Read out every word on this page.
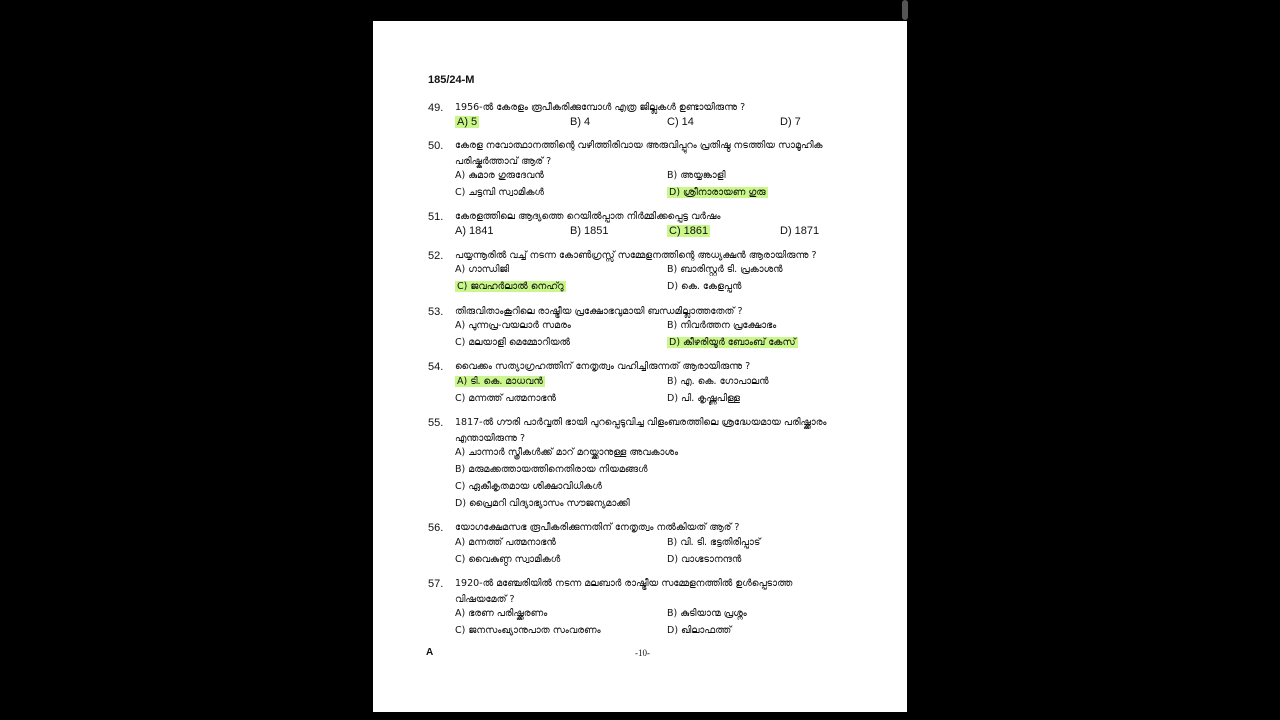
185/24-M
49. 1956-ൽ കേരളം രൂപീകരിക്കുമ്പോൾ എത്ര ജില്ലകൾ ഉണ്ടായിരുന്നു ?
A) 5	B) 4	C) 14	D) 7
50. കേരള നവോത്ഥാനത്തിന്റെ വഴിത്തിരിവായ അരുവിപ്പുറം പ്രതിഷ്ഠ നടത്തിയ സാമൂഹിക പരിഷ്കർത്താവ് ആര് ?
A) കുമാര ഗുരുദേവൻ	B) അയ്യങ്കാളി
C) ചട്ടമ്പി സ്വാമികൾ	D) ശ്രീനാരായണ ഗുരു
51. കേരളത്തിലെ ആദ്യത്തെ റെയിൽപ്പാത നിർമ്മിക്കപ്പെട്ട വർഷം
A) 1841	B) 1851	C) 1861	D) 1871
52. പയ്യന്നൂരിൽ വച്ച് നടന്ന കോൺഗ്രസ്സ് സമ്മേളനത്തിന്റെ അധ്യക്ഷൻ ആരായിരുന്നു ?
A) ഗാന്ധിജി	B) ബാരിസ്റ്റർ ടി. പ്രകാശൻ
C) ജവഹർലാൽ നെഹ്റു	D) കെ. കേളപ്പൻ
53. തിരുവിതാംകൂറിലെ രാഷ്ട്രീയ പ്രക്ഷോഭവുമായി ബന്ധമില്ലാത്തതേത് ?
A) പുന്നപ്ര-വയലാർ സമരം	B) നിവർത്തന പ്രക്ഷോഭം
C) മലയാളി മെമ്മോറിയൽ	D) കീഴരിയൂർ ബോംബ് കേസ്
54. വൈക്കം സത്യാഗ്രഹത്തിന് നേതൃത്വം വഹിച്ചിരുന്നത് ആരായിരുന്നു ?
A) ടി. കെ. മാധവൻ	B) എ. കെ. ഗോപാലൻ
C) മന്നത്ത് പത്മനാഭൻ	D) പി. കൃഷ്ണപിള്ള
55. 1817-ൽ ഗൗരി പാർവ്വതി ഭായി പുറപ്പെടുവിച്ച വിളംബരത്തിലെ ശ്രദ്ധേയമായ പരിഷ്ക്കാരം എന്തായിരുന്നു ?
A) ചാന്നാർ സ്ത്രീകൾക്ക് മാറ് മറയ്ക്കാനുള്ള അവകാശം
B) മരുമക്കത്തായത്തിനെതിരായ നിയമങ്ങൾ
C) ഏകീകൃതമായ ശിക്ഷാവിധികൾ
D) പ്രൈമറി വിദ്യാഭ്യാസം സൗജന്യമാക്കി
56. യോഗക്ഷേമസഭ രൂപീകരിക്കുന്നതിന് നേതൃത്വം നൽകിയത് ആര് ?
A) മന്നത്ത് പത്മനാഭൻ	B) വി. ടി. ഭട്ടതിരിപ്പാട്
C) വൈകുണ്ഠ സ്വാമികൾ	D) വാഗ്ഭടാനന്ദൻ
57. 1920-ൽ മഞ്ചേരിയിൽ നടന്ന മലബാർ രാഷ്ട്രീയ സമ്മേളനത്തിൽ ഉൾപ്പെടാത്ത വിഷയമേത് ?
A) ഭരണ പരിഷ്ക്കരണം	B) കുടിയാന്മ പ്രശ്നം
C) ജനസംഖ്യാനുപാത സംവരണം	D) ഖിലാഫത്ത്
A	-10-
